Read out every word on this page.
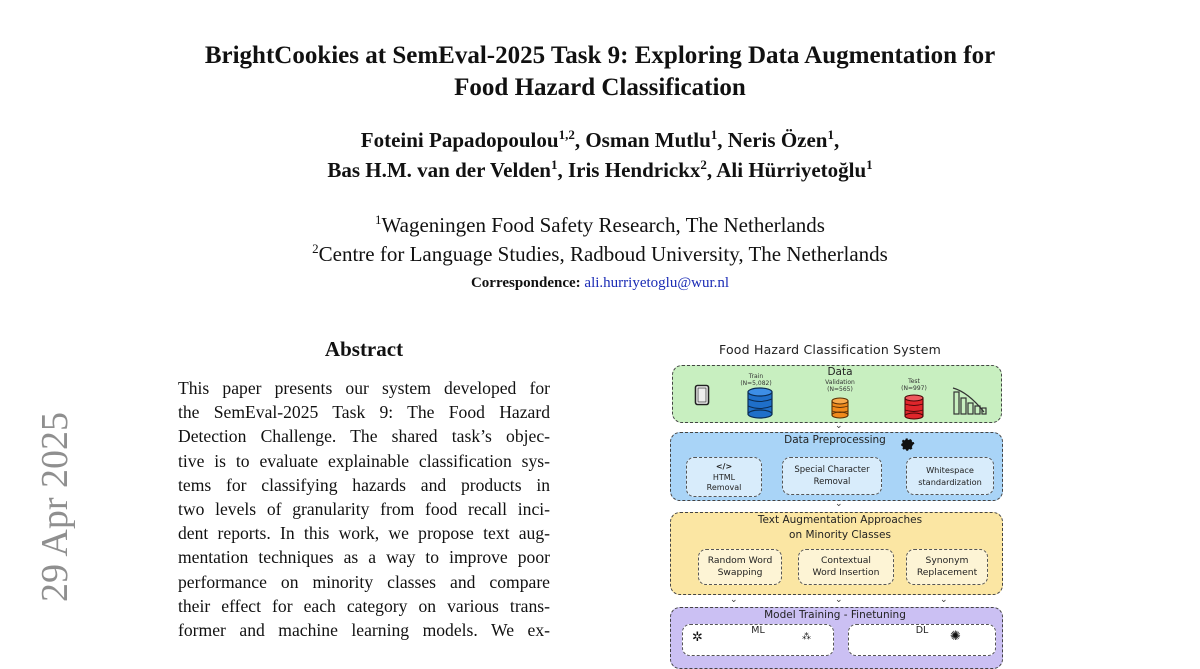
BrightCookies at SemEval-2025 Task 9: Exploring Data Augmentation for
Food Hazard Classification
Foteini Papadopoulou$^{1,2}$, Osman Mutlu$^1$, Neris Özen$^1$,
Bas H.M. van der Velden$^1$, Iris Hendrickx$^2$, Ali Hürriyetoğlu$^1$
$^1$Wageningen Food Safety Research, The Netherlands
$^2$Centre for Language Studies, Radboud University, The Netherlands
Correspondence: ali.hurriyetoglu@wur.nl
29 Apr 2025
Abstract
This paper presents our system developed for
the SemEval-2025 Task 9: The Food Hazard
Detection Challenge. The shared task’s objec-
tive is to evaluate explainable classification sys-
tems for classifying hazards and products in
two levels of granularity from food recall inci-
dent reports. In this work, we propose text aug-
mentation techniques as a way to improve poor
performance on minority classes and compare
their effect for each category on various trans-
former and machine learning models. We ex-
Food Hazard Classification System
Data
Train
(N=5,082)	Validation
(N=565)
Test
(N=997)
⌄
Data Preprocessing
</>
HTML
Removal
Special Character
Removal
Whitespace
standardization
⌄
Text Augmentation Approaches
on Minority Classes
Random Word
Swapping
Contextual
Word Insertion
Synonym
Replacement
⌄	⌄	⌄
Model Training - Finetuning
ML	DL
✲	⁂	✺
